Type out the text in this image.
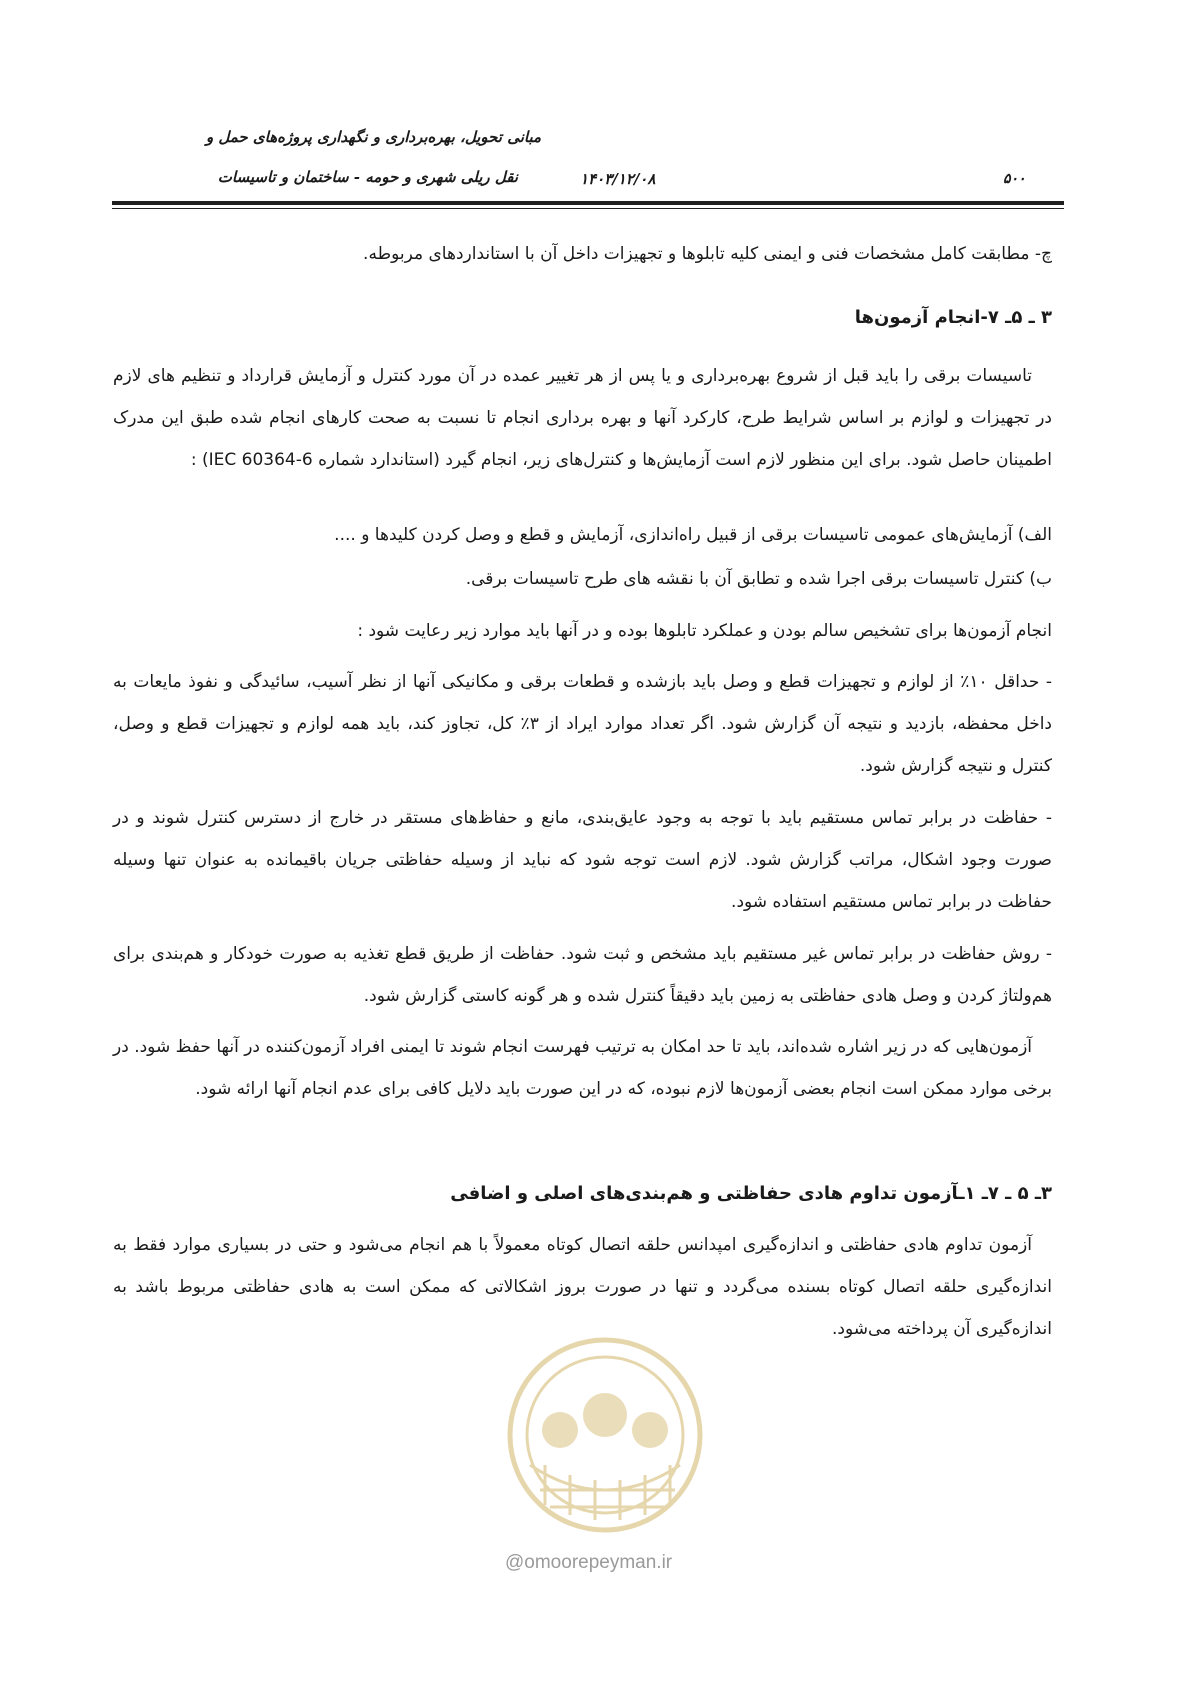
مبانی تحویل، بهره‌برداری و نگهداری پروژه‌های حمل و
نقل ریلی شهری و حومه - ساختمان و تاسیسات	۱۴۰۳/۱۲/۰۸	۵۰۰
چ- مطابقت کامل مشخصات فنی و ایمنی کلیه تابلوها و تجهیزات داخل آن با استانداردهای مربوطه.
۳ ـ ۵ـ ۷-انجام آزمون‌ها

تاسیسات برقی را باید قبل از شروع بهره‌برداری و یا پس از هر تغییر عمده در آن مورد کنترل و آزمایش قرارداد و تنظیم های لازم در تجهیزات و لوازم بر اساس شرایط طرح، کارکرد آنها و بهره برداری انجام تا نسبت به صحت کارهای انجام شده طبق این مدرک اطمینان حاصل شود. برای این منظور لازم است آزمایش‌ها و کنترل‌های زیر، انجام گیرد (استاندارد شماره IEC 60364-6) :

الف) آزمایش‌های عمومی تاسیسات برقی از قبیل راه‌اندازی، آزمایش و قطع و وصل کردن کلیدها و ....
ب) کنترل تاسیسات برقی اجرا شده و تطابق آن با نقشه های طرح تاسیسات برقی.
انجام آزمون‌ها برای تشخیص سالم بودن و عملکرد تابلوها بوده و در آنها باید موارد زیر رعایت شود :

- حداقل ۱۰٪ از لوازم و تجهیزات قطع و وصل باید بازشده و قطعات برقی و مکانیکی آنها از نظر آسیب، سائیدگی و نفوذ مایعات به داخل محفظه، بازدید و نتیجه آن گزارش شود. اگر تعداد موارد ایراد از ۳٪ کل، تجاوز کند، باید همه لوازم و تجهیزات قطع و وصل، کنترل و نتیجه گزارش شود.

- حفاظت در برابر تماس مستقیم باید با توجه به وجود عایق‌بندی، مانع و حفاظ‌های مستقر در خارج از دسترس کنترل شوند و در صورت وجود اشکال، مراتب گزارش شود. لازم است توجه شود که نباید از وسیله حفاظتی جریان باقیمانده به عنوان تنها وسیله حفاظت در برابر تماس مستقیم استفاده شود.

- روش حفاظت در برابر تماس غیر مستقیم باید مشخص و ثبت شود. حفاظت از طریق قطع تغذیه به صورت خودکار و هم‌بندی برای هم‌ولتاژ کردن و وصل هادی حفاظتی به زمین باید دقیقاً کنترل شده و هر گونه کاستی گزارش شود.

آزمون‌هایی که در زیر اشاره شده‌اند، باید تا حد امکان به ترتیب فهرست انجام شوند تا ایمنی افراد آزمون‌کننده در آنها حفظ شود. در برخی موارد ممکن است انجام بعضی آزمون‌ها لازم نبوده، که در این صورت باید دلایل کافی برای عدم انجام آنها ارائه شود.

۳ـ ۵ ـ ۷ـ ۱ـآزمون تداوم هادی حفاظتی و هم‌بندی‌های اصلی و اضافی

آزمون تداوم هادی حفاظتی و اندازه‌گیری امپدانس حلقه اتصال کوتاه معمولاً با هم انجام می‌شود و حتی در بسیاری موارد فقط به اندازه‌گیری حلقه اتصال کوتاه بسنده می‌گردد و تنها در صورت بروز اشکالاتی که ممکن است به هادی حفاظتی مربوط باشد به اندازه‌گیری آن پرداخته می‌شود.

@omoorepeyman.ir
